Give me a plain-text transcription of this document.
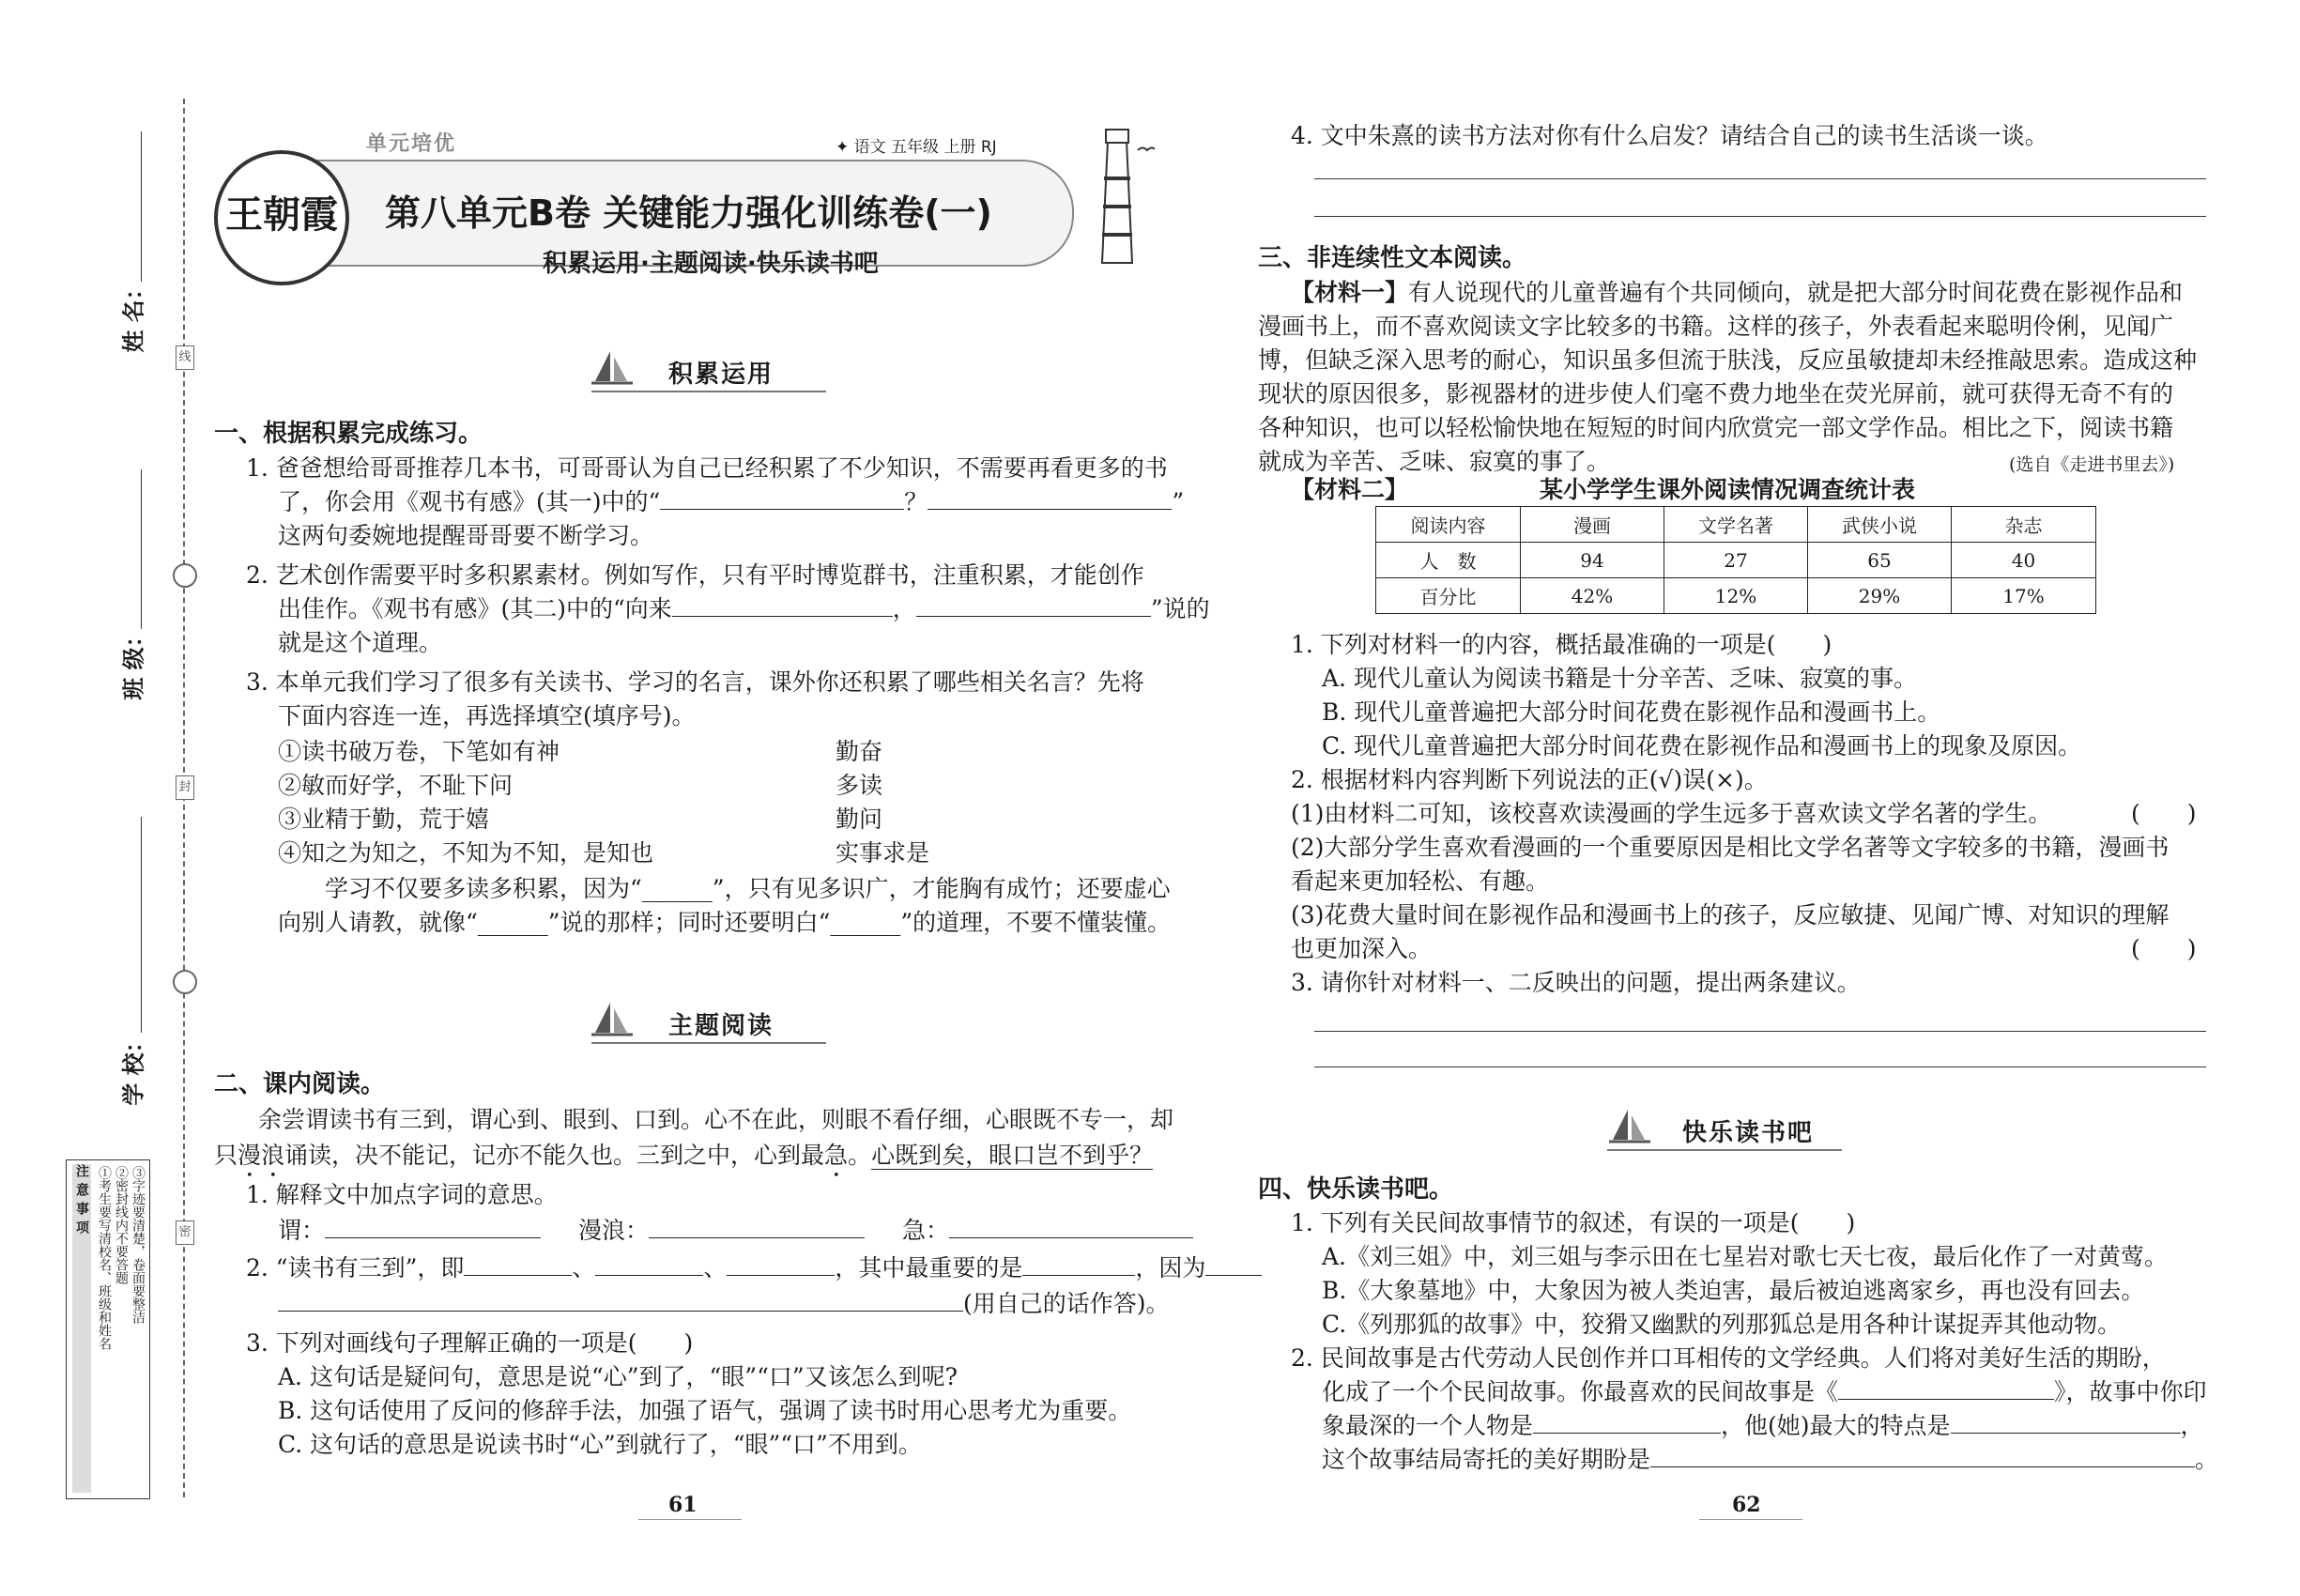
线
封
密
姓 名：
班 级：
学 校：
注意事项 ①考生要写清校名、班级和姓名 ②密封线内不要答题 ③字迹要清楚，卷面要整洁
王朝霞
单元培优	✦ 语文 五年级 上册 RJ
第八单元B卷 关键能力强化训练卷(一)
积累运用·主题阅读·快乐读书吧
积累运用
一、根据积累完成练习。
1. 爸爸想给哥哥推荐几本书，可哥哥认为自己已经积累了不少知识，不需要再看更多的书
了，你会用《观书有感》(其一)中的“	？	”
这两句委婉地提醒哥哥要不断学习。
2. 艺术创作需要平时多积累素材。例如写作，只有平时博览群书，注重积累，才能创作
出佳作。《观书有感》(其二)中的“向来	，	”说的
就是这个道理。
3. 本单元我们学习了很多有关读书、学习的名言，课外你还积累了哪些相关名言？先将
下面内容连一连，再选择填空(填序号)。
①读书破万卷，下笔如有神
②敏而好学，不耻下问
③业精于勤，荒于嬉
④知之为知之，不知为不知，是知也
勤奋
多读
勤问
实事求是
学习不仅要多读多积累，因为“______”，只有见多识广，才能胸有成竹；还要虚心
向别人请教，就像“______”说的那样；同时还要明白“______”的道理，不要不懂装懂。
主题阅读
二、课内阅读。
余尝谓读书有三到，谓心到、眼到、口到。心不在此，则眼不看仔细，心眼既不专一，却
只漫浪诵读，决不能记，记亦不能久也。三到之中，心到最急。心既到矣，眼口岂不到乎？
1. 解释文中加点字词的意思。
谓：	漫浪：	急：
2. “读书有三到”，即	、	、	，其中最重要的是	，因为
(用自己的话作答)。
3. 下列对画线句子理解正确的一项是(　　)
A. 这句话是疑问句，意思是说“心”到了，“眼”“口”又该怎么到呢?
B. 这句话使用了反问的修辞手法，加强了语气，强调了读书时用心思考尤为重要。
C. 这句话的意思是说读书时“心”到就行了，“眼”“口”不用到。
61
4. 文中朱熹的读书方法对你有什么启发？请结合自己的读书生活谈一谈。
三、非连续性文本阅读。
【材料一】有人说现代的儿童普遍有个共同倾向，就是把大部分时间花费在影视作品和
漫画书上，而不喜欢阅读文字比较多的书籍。这样的孩子，外表看起来聪明伶俐，见闻广
博，但缺乏深入思考的耐心，知识虽多但流于肤浅，反应虽敏捷却未经推敲思索。造成这种
现状的原因很多，影视器材的进步使人们毫不费力地坐在荧光屏前，就可获得无奇不有的
各种知识，也可以轻松愉快地在短短的时间内欣赏完一部文学作品。相比之下，阅读书籍
就成为辛苦、乏味、寂寞的事了。	(选自《走进书里去》)
【材料二】	某小学学生课外阅读情况调查统计表
阅读内容	漫画	文学名著	武侠小说	杂志
人　数	94	27	65	40
百分比	42%	12%	29%	17%
1. 下列对材料一的内容，概括最准确的一项是(　　)
A. 现代儿童认为阅读书籍是十分辛苦、乏味、寂寞的事。
B. 现代儿童普遍把大部分时间花费在影视作品和漫画书上。
C. 现代儿童普遍把大部分时间花费在影视作品和漫画书上的现象及原因。
2. 根据材料内容判断下列说法的正(√)误(×)。
(1)由材料二可知，该校喜欢读漫画的学生远多于喜欢读文学名著的学生。	(　　)
(2)大部分学生喜欢看漫画的一个重要原因是相比文学名著等文字较多的书籍，漫画书
看起来更加轻松、有趣。
(3)花费大量时间在影视作品和漫画书上的孩子，反应敏捷、见闻广博、对知识的理解
也更加深入。	(　　)
3. 请你针对材料一、二反映出的问题，提出两条建议。
快乐读书吧
四、快乐读书吧。
1. 下列有关民间故事情节的叙述，有误的一项是(　　)
A.《刘三姐》中，刘三姐与李示田在七星岩对歌七天七夜，最后化作了一对黄莺。
B.《大象墓地》中，大象因为被人类迫害，最后被迫逃离家乡，再也没有回去。
C.《列那狐的故事》中，狡猾又幽默的列那狐总是用各种计谋捉弄其他动物。
2. 民间故事是古代劳动人民创作并口耳相传的文学经典。人们将对美好生活的期盼，
化成了一个个民间故事。你最喜欢的民间故事是《	》，故事中你印
象最深的一个人物是	，他(她)最大的特点是	，
这个故事结局寄托的美好期盼是	。
62
